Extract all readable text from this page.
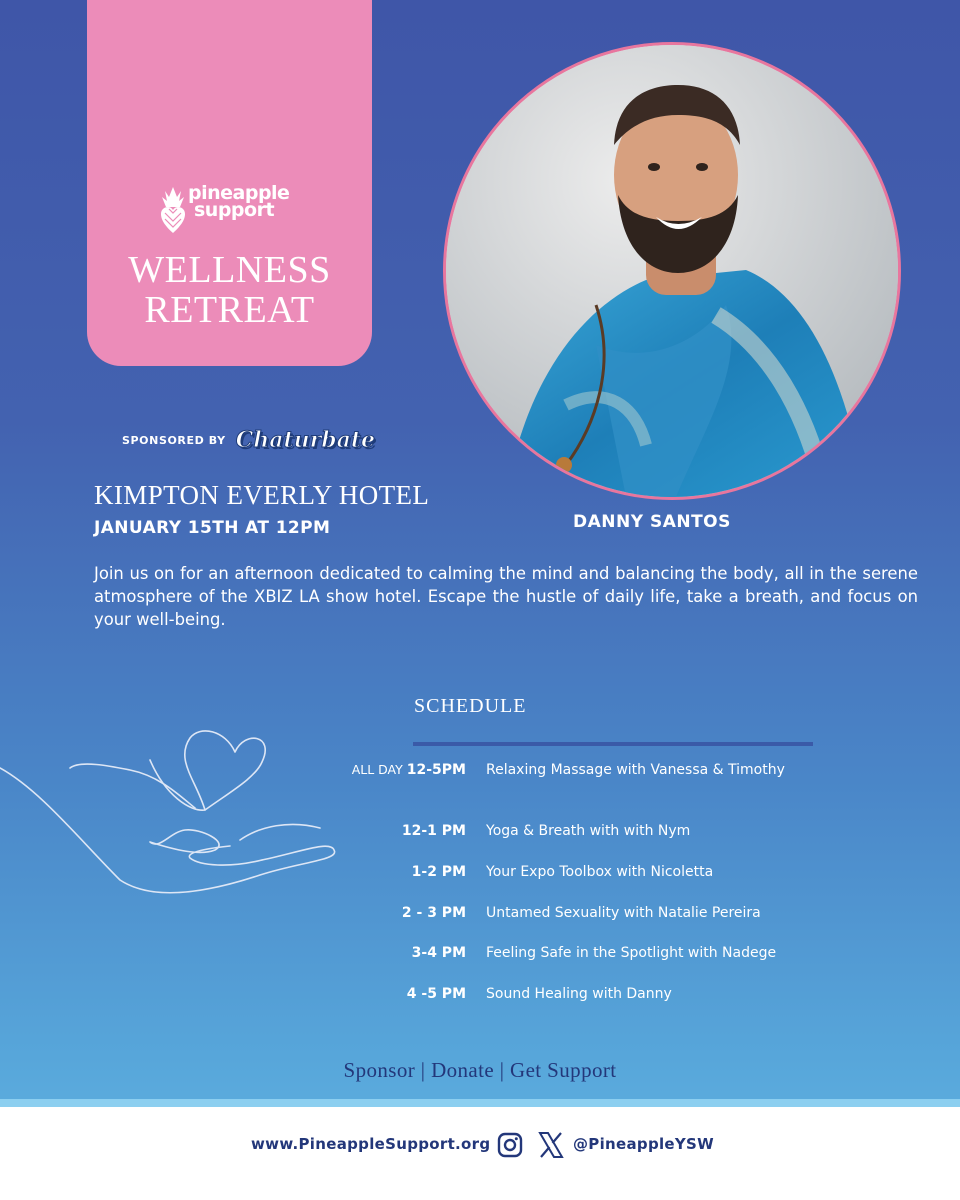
pineapple
support
WELLNESS
RETREAT
SPONSORED BY Chaturbate
KIMPTON EVERLY HOTEL
JANUARY 15TH AT 12PM	DANNY SANTOS
Join us on for an afternoon dedicated to calming the mind and balancing the body, all in the serene atmosphere of the XBIZ LA show hotel. Escape the hustle of daily life, take a breath, and focus on your well-being.
SCHEDULE
ALL DAY 12-5PM Relaxing Massage with Vanessa & Timothy
12-1 PM Yoga & Breath with with Nym
1-2 PM Your Expo Toolbox with Nicoletta
2 - 3 PM Untamed Sexuality with Natalie Pereira
3-4 PM Feeling Safe in the Spotlight with Nadege
4 -5 PM Sound Healing with Danny
Sponsor | Donate | Get Support
www.PineappleSupport.org	@PineappleYSW
